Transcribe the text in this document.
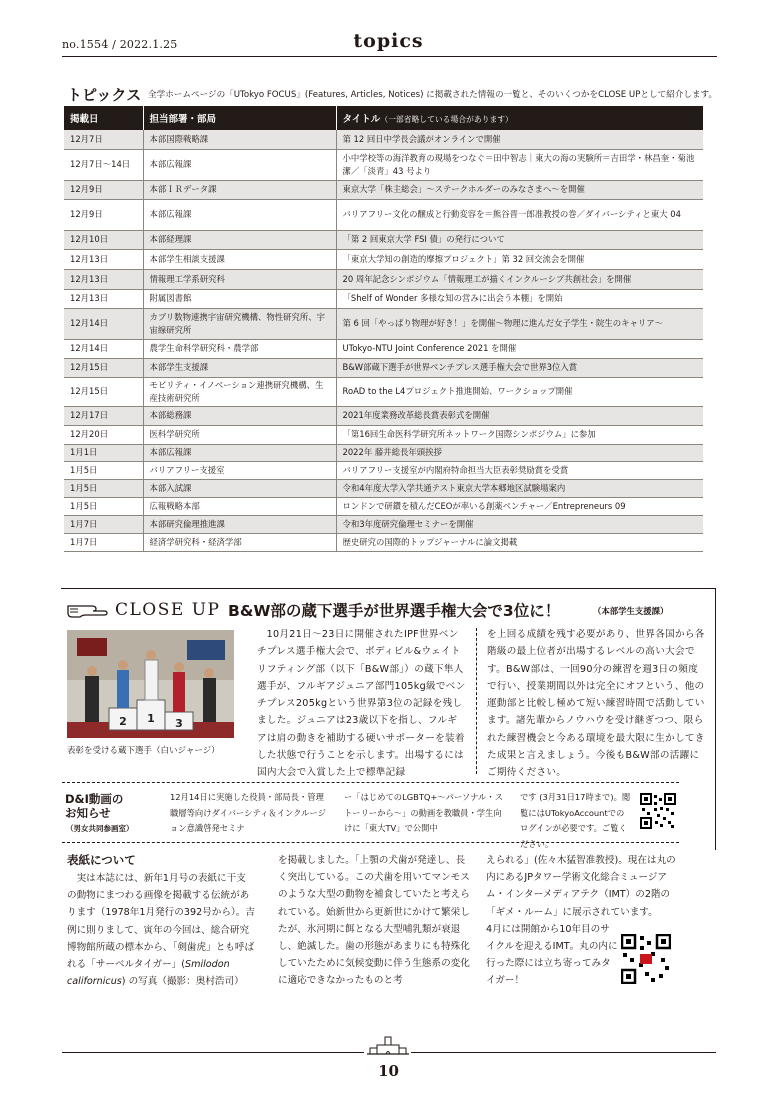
no.1554 / 2022.1.25	topics
トピックス 全学ホームページの「UTokyo FOCUS」(Features, Articles, Notices) に掲載された情報の一覧と、そのいくつかをCLOSE UPとして紹介します。
掲載日	担当部署・部局	タイトル（一部省略している場合があります）
12月7日	本部国際戦略課	第 12 回日中学長会議がオンラインで開催
12月7日～14日	本部広報課	小中学校等の海洋教育の現場をつなぐ＝田中智志｜東大の海の実験所＝吉田学・林昌奎・菊池潔／「淡青」43 号より
12月9日	本部ＩＲデータ課	東京大学「株主総会」～ステークホルダーのみなさまへ～を開催
12月9日	本部広報課	バリアフリー文化の醸成と行動変容を＝熊谷晋一郎准教授の巻／ダイバーシティと東大 04
12月10日	本部経理課	「第 2 回東京大学 FSI 債」の発行について
12月13日	本部学生相談支援課	「東京大学知の創造的摩擦プロジェクト」第 32 回交流会を開催
12月13日	情報理工学系研究科	20 周年記念シンポジウム「情報理工が描くインクルーシブ共創社会」を開催
12月13日	附属図書館	「Shelf of Wonder 多様な知の営みに出会う本棚」を開始
12月14日	カブリ数物連携宇宙研究機構、物性研究所、宇宙線研究所	第 6 回「やっぱり物理が好き！」を開催～物理に進んだ女子学生・院生のキャリア～
12月14日	農学生命科学研究科・農学部	UTokyo-NTU Joint Conference 2021 を開催
12月15日	本部学生支援課	B&W部蔵下選手が世界ベンチプレス選手権大会で世界3位入賞
12月15日	モビリティ・イノベーション連携研究機構、生産技術研究所	RoAD to the L4プロジェクト推進開始、ワークショップ開催
12月17日	本部総務課	2021年度業務改革総長賞表彰式を開催
12月20日	医科学研究所	「第16回生命医科学研究所ネットワーク国際シンポジウム」に参加
1月1日	本部広報課	2022年 藤井総長年頭挨拶
1月5日	バリアフリー支援室	バリアフリー支援室が内閣府特命担当大臣表彰奨励賞を受賞
1月5日	本部入試課	令和4年度大学入学共通テスト東京大学本郷地区試験場案内
1月5日	広報戦略本部	ロンドンで研鑽を積んだCEOが率いる創薬ベンチャー／Entrepreneurs 09
1月7日	本部研究倫理推進課	令和3年度研究倫理セミナーを開催
1月7日	経済学研究科・経済学部	歴史研究の国際的トップジャーナルに論文掲載
CLOSE UP B&W部の蔵下選手が世界選手権大会で3位に！	（本部学生支援課）
2 1 3
表彰を受ける蔵下選手（白いジャージ）
10月21日～23日に開催されたIPF世界ベンチプレス選手権大会で、ボディビル&ウェイトリフティング部（以下「B&W部」）の蔵下隼人選手が、フルギアジュニア部門105kg級でベンチプレス205kgという世界第3位の記録を残しました。ジュニアは23歳以下を指し、フルギアは肩の動きを補助する硬いサポーターを装着した状態で行うことを示します。出場するには国内大会で入賞した上で標準記録
を上回る成績を残す必要があり、世界各国から各階級の最上位者が出場するレベルの高い大会です。B&W部は、一回90分の練習を週3日の頻度で行い、授業期間以外は完全にオフという、他の運動部と比較し極めて短い練習時間で活動しています。諸先輩からノウハウを受け継ぎつつ、限られた練習機会と今ある環境を最大限に生かしてきた成果と言えましょう。今後もB&W部の活躍にご期待ください。
D&I動画の
お知らせ
（男女共同参画室）
12月14日に実施した役員・部局長・管理職層等向けダイバーシティ＆インクルージョン意識啓発セミナ
ー「はじめてのLGBTQ+～パーソナル・ストーリーから～」の動画を教職員・学生向けに「東大TV」で公開中
です (3月31日17時まで)。閲覧にはUTokyoAccountでのログインが必要です。ご覧ください。
表紙について
実は本誌には、新年1月号の表紙に干支の動物にまつわる画像を掲載する伝統があります（1978年1月発行の392号から）。吉例に則りまして、寅年の今回は、総合研究博物館所蔵の標本から、「剣歯虎」とも呼ばれる「サーベルタイガー」(Smilodon californicus) の写真（撮影：奥村浩司）
を掲載しました。「上顎の犬歯が発達し、長く突出している。この犬歯を用いてマンモスのような大型の動物を補食していたと考えられている。始新世から更新世にかけて繁栄したが、氷河期に餌となる大型哺乳類が衰退し、絶滅した。歯の形態があまりにも特殊化していたために気候変動に伴う生態系の変化に適応できなかったものと考
えられる」(佐々木猛智准教授)。現在は丸の内にあるJPタワー学術文化総合ミュージアム・インターメディアテク（IMT）の2階の「ギメ・ルーム」に展示されています。
4月には開館から10年目のサイクルを迎えるIMT。丸の内に行った際には立ち寄ってみタイガー！
10
